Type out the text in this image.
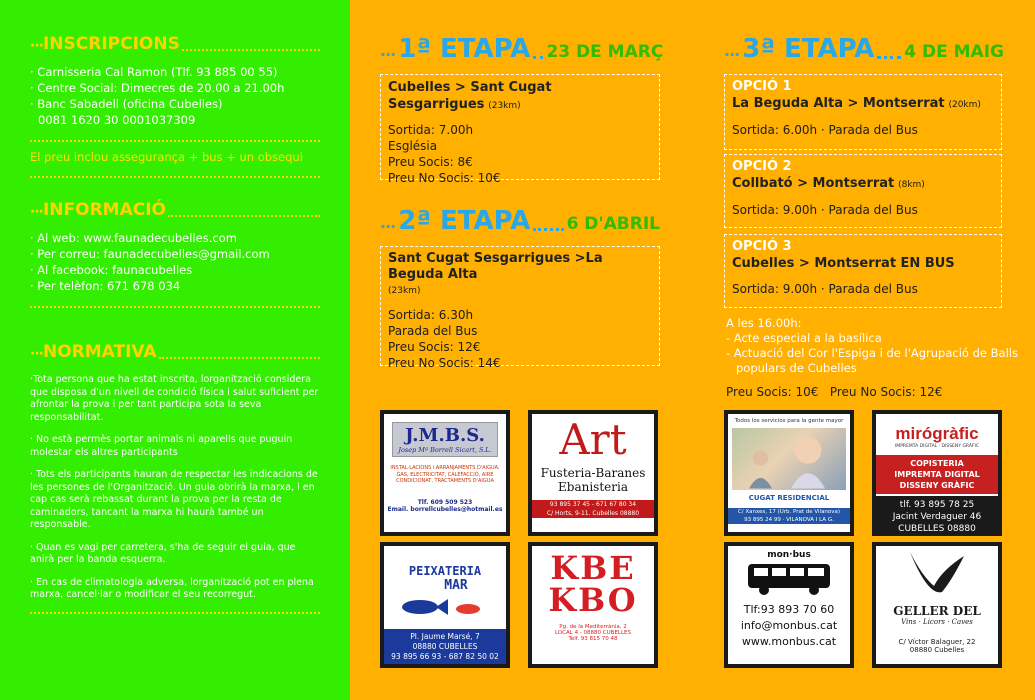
··· INSCRIPCIONS
· Carnisseria Cal Ramon (Tlf. 93 885 00 55)
· Centre Social: Dimecres de 20.00 a 21.00h
· Banc Sabadell (oficina Cubelles)
0081 1620 30 0001037309
El preu inclou assegurança + bus + un obsequi
··· INFORMACIÓ
· Al web: www.faunadecubelles.com
· Per correu: faunadecubelles@gmail.com
· Al facebook: faunacubelles
· Per telèfon: 671 678 034
··· NORMATIVA

·Tota persona que ha estat inscrita, lorganització considera que disposa d'un nivell de condició física i salut suficient per afrontar la prova i per tant participa sota la seva responsabilitat.

· No està permès portar animals ni aparells que puguin molestar els altres participants

· Tots els participants hauran de respectar les indicacions de les persones de l'Organització. Un guia obrirà la marxa, i en cap cas serà rebassat durant la prova per la resta de caminadors, tancant la marxa hi haurà també un responsable.

· Quan es vagi per carretera, s'ha de seguir el guia, que anirà per la banda esquerra.

· En cas de climatologia adversa, lorganització pot en plena marxa, cancel·lar o modificar el seu recorregut.

··· 1ª ETAPA 23 DE MARÇ
Cubelles > Sant Cugat Sesgarrigues (23km)
Sortida: 7.00h
Església
Preu Socis: 8€
Preu No Socis: 10€
··· 2ª ETAPA 6 D'ABRIL
Sant Cugat Sesgarrigues >La Beguda Alta
(23km)
Sortida: 6.30h
Parada del Bus
Preu Socis: 12€
Preu No Socis: 14€
··· 3ª ETAPA 4 DE MAIG
OPCIÓ 1
La Beguda Alta > Montserrat (20km)
Sortida: 6.00h · Parada del Bus
OPCIÓ 2
Collbató > Montserrat (8km)
Sortida: 9.00h · Parada del Bus
OPCIÓ 3
Cubelles > Montserrat EN BUS
Sortida: 9.00h · Parada del Bus
A les 16.00h:
- Acte especial a la basílica
- Actuació del Cor l'Espiga i de l'Agrupació de Balls
populars de Cubelles
Preu Socis: 10€   Preu No Socis: 12€
J.M.B.S.
Josep Mª Borrell Sicart, S.L.
INSTAL·LACIONS i ARRANJAMENTS D'AIGUA, GAS, ELECTRICITAT, CALEFACCIÓ, AIRE CONDICIONAT, TRACTAMENTS D'AIGUA
Tlf. 609 509 523
Email. borrellcubelles@hotmail.es
Art
Fusteria-Baranes
Ebanisteria
93 895 37 45 - 671 67 80 34
C/ Horts, 9-11. Cubelles 08880
Todos los servicios para la gente mayor
CUGAT RESIDENCIAL
C/ Xanxes, 17 (Urb. Prat de Vilanova)
93 895 24 99 · VILANOVA I LA G.
mirógràfic
IMPREMTA DIGITAL · DISSENY GRÀFIC
COPISTERIA
IMPREMTA DIGITAL
DISSENY GRÀFIC
tlf. 93 895 78 25
Jacint Verdaguer 46
CUBELLES 08880
PEIXATERIA
MAR
Pl. Jaume Marsé, 7
08880 CUBELLES
93 895 66 93 - 687 82 50 02
KBE
KBO
Pg. de la Mediterrània, 2
LOCAL 4 - 08880 CUBELLES
Telf. 93 815 70 48
mon·bus
Tlf:93 893 70 60
info@monbus.cat
www.monbus.cat
GELLER DEL
Vins · Licors · Caves
C/ Víctor Balaguer, 22
08880 Cubelles
